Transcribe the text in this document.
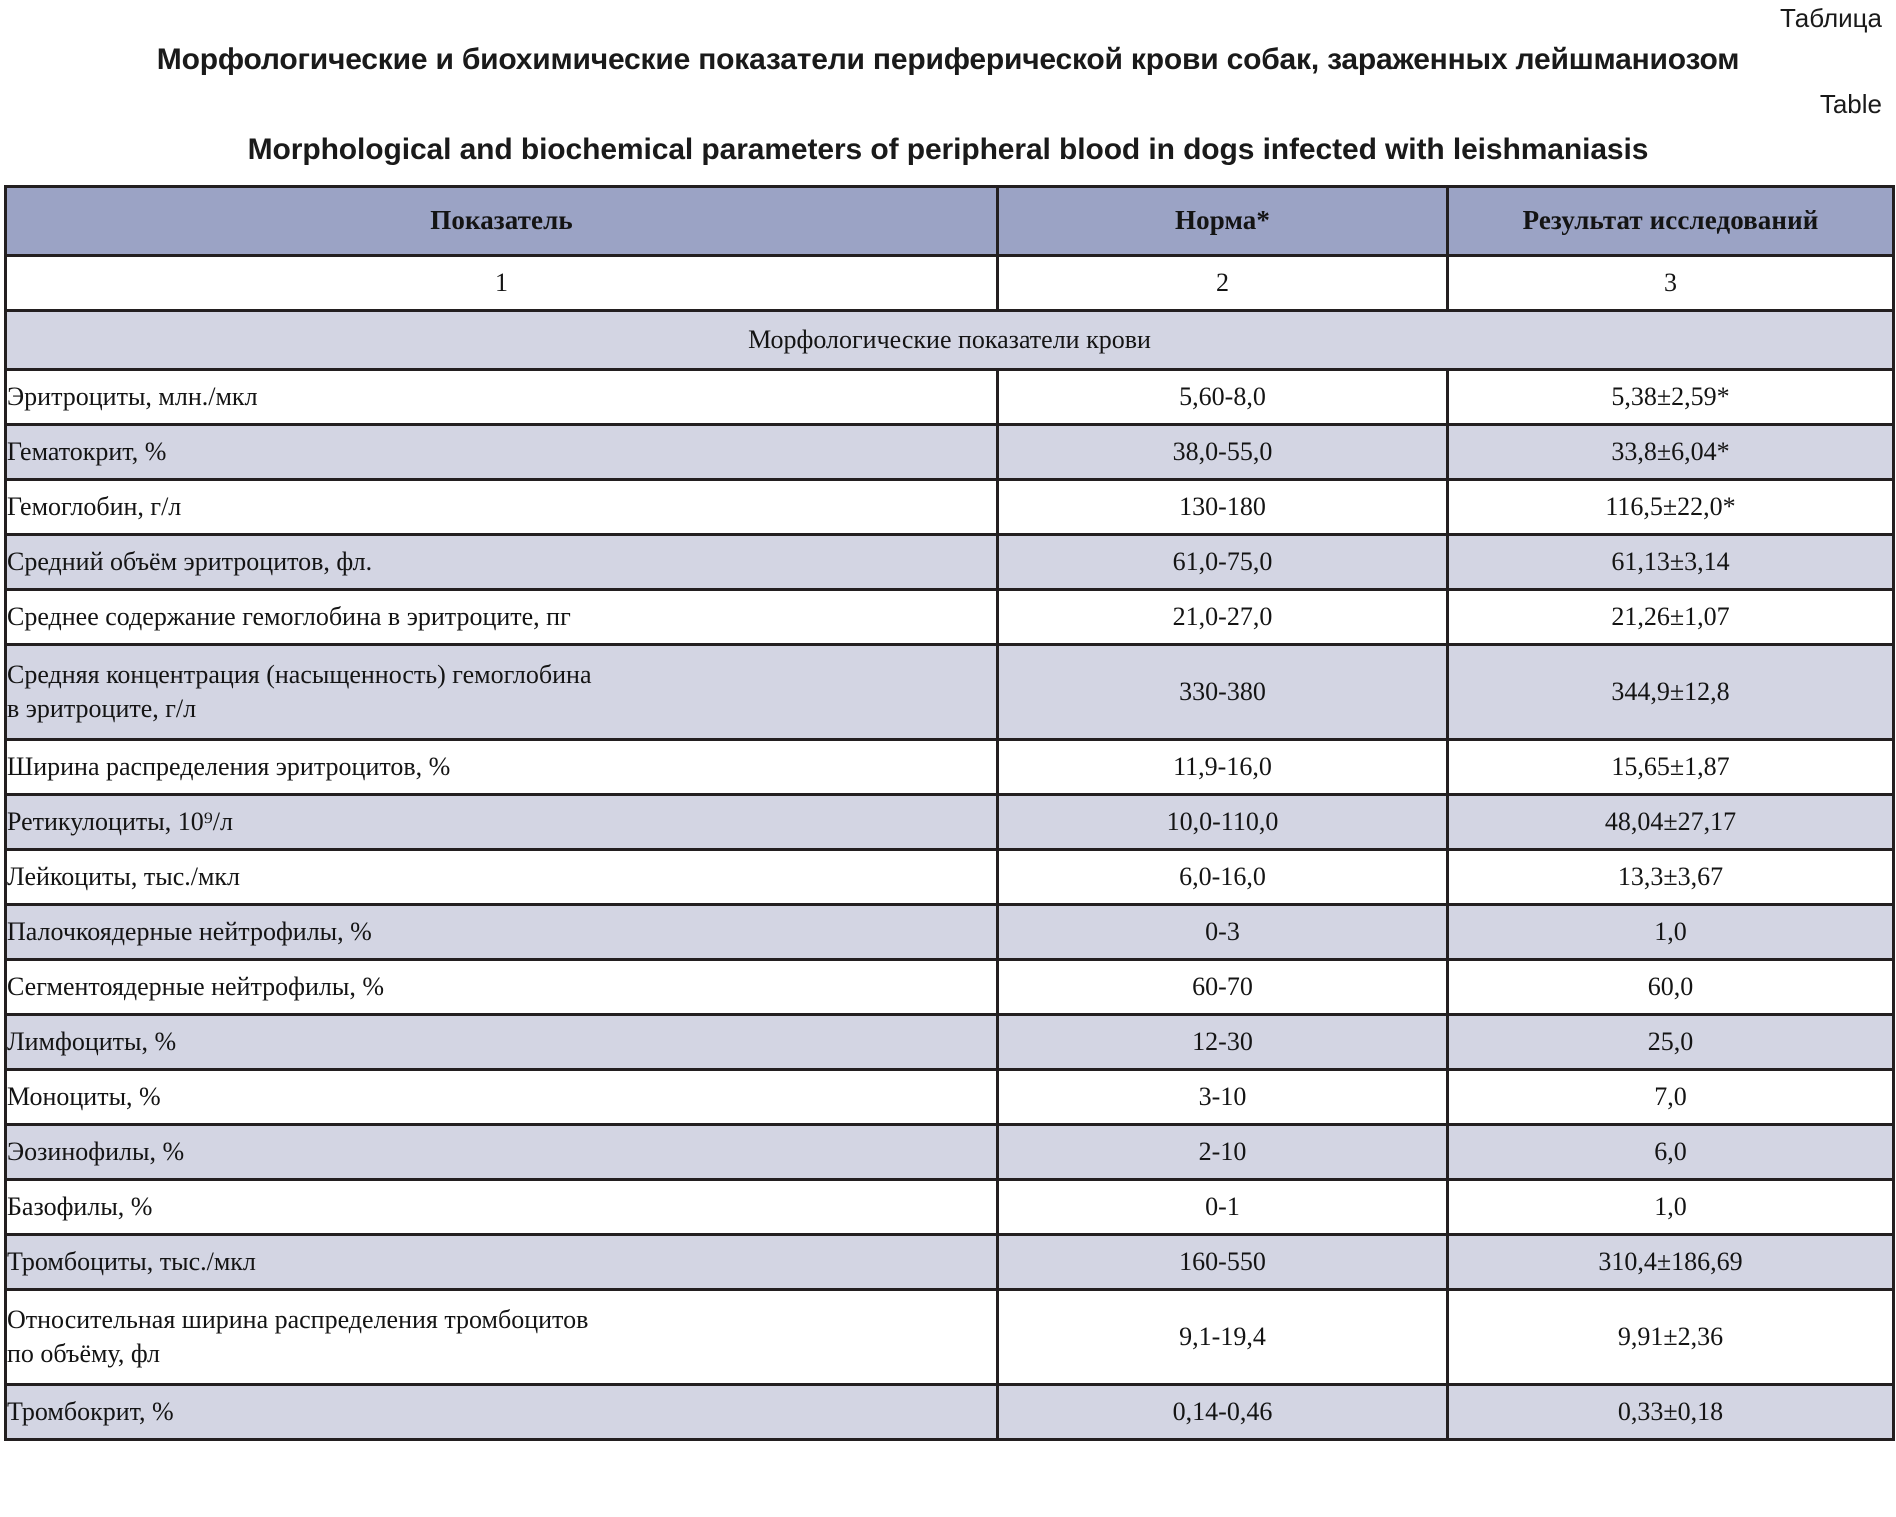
Таблица
Морфологические и биохимические показатели периферической крови собак, зараженных лейшманиозом
Table
Morphological and biochemical parameters of peripheral blood in dogs infected with leishmaniasis
Показатель	Норма*	Результат исследований
1	2	3
Морфологические показатели крови		
Эритроциты, млн./мкл	5,60-8,0	5,38±2,59*
Гематокрит, %	38,0-55,0	33,8±6,04*
Гемоглобин, г/л	130-180	116,5±22,0*
Средний объём эритроцитов, фл.	61,0-75,0	61,13±3,14
Среднее содержание гемоглобина в эритроците, пг	21,0-27,0	21,26±1,07

Средняя концентрация (насыщенность) гемоглобина
в эритроците, г/л	330-380	344,9±12,8
Ширина распределения эритроцитов, %	11,9-16,0	15,65±1,87
Ретикулоциты, 10⁹/л	10,0-110,0	48,04±27,17
Лейкоциты, тыс./мкл	6,0-16,0	13,3±3,67
Палочкоядерные нейтрофилы, %	0-3	1,0
Сегментоядерные нейтрофилы, %	60-70	60,0
Лимфоциты, %	12-30	25,0
Моноциты, %	3-10	7,0
Эозинофилы, %	2-10	6,0
Базофилы, %	0-1	1,0
Тромбоциты, тыс./мкл	160-550	310,4±186,69

Относительная ширина распределения тромбоцитов
по объёму, фл	9,1-19,4	9,91±2,36
Тромбокрит, %	0,14-0,46	0,33±0,18
